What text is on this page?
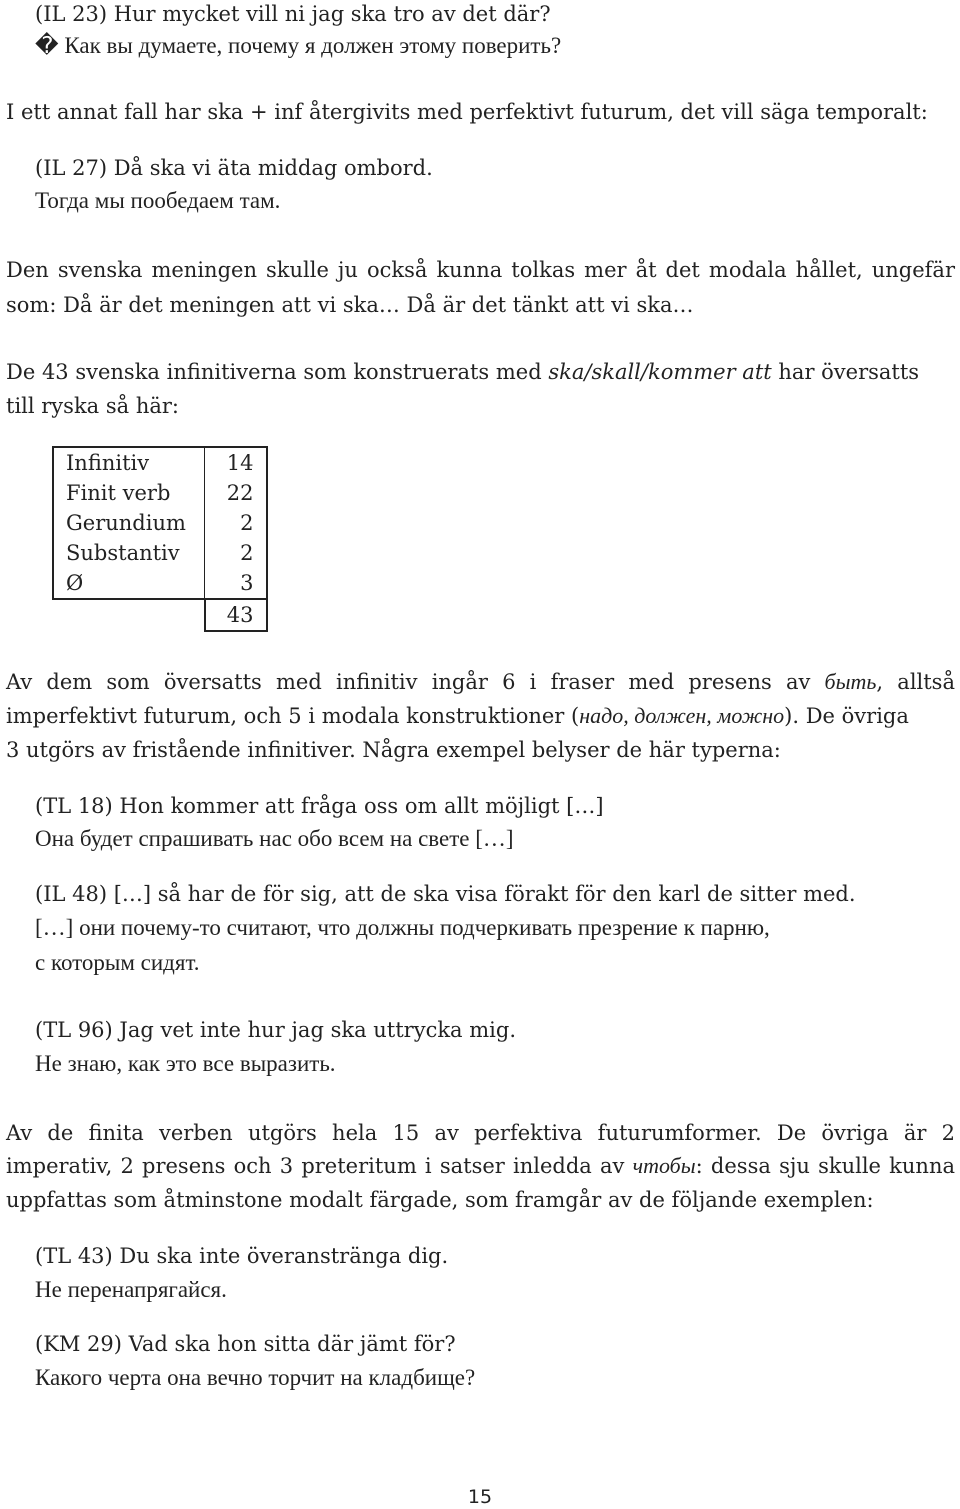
(IL 23) Hur mycket vill ni jag ska tro av det där?
� Как вы думаете, почему я должен этому поверить?
I ett annat fall har ska + inf återgivits med perfektivt futurum, det vill säga temporalt:
(IL 27) Då ska vi äta middag ombord.
Тогда мы пообедаем там.
Den svenska meningen skulle ju också kunna tolkas mer åt det modala hållet, ungefär
som: Då är det meningen att vi ska… Då är det tänkt att vi ska…
De 43 svenska infinitiverna som konstruerats med ska/skall/kommer att har översatts
till ryska så här:
Infinitiv	14
Finit verb	22
Gerundium	2
Substantiv	2
Ø	3
	43
Av dem som översatts med infinitiv ingår 6 i fraser med presens av быть, alltså
imperfektivt futurum, och 5 i modala konstruktioner (надо, должен, можно). De övriga
3 utgörs av fristående infinitiver. Några exempel belyser de här typerna:
(TL 18) Hon kommer att fråga oss om allt möjligt […]
Она будет спрашивать нас обо всем на свете […]
(IL 48) […] så har de för sig, att de ska visa förakt för den karl de sitter med.
[…] они почему-то считают, что должны подчеркивать презрение к парню,
с которым сидят.
(TL 96) Jag vet inte hur jag ska uttrycka mig.
Не знаю, как это все выразить.
Av de finita verben utgörs hela 15 av perfektiva futurumformer. De övriga är 2
imperativ, 2 presens och 3 preteritum i satser inledda av чтобы: dessa sju skulle kunna
uppfattas som åtminstone modalt färgade, som framgår av de följande exemplen:
(TL 43) Du ska inte överanstränga dig.
Не перенапрягайся.
(KM 29) Vad ska hon sitta där jämt för?
Какого черта она вечно торчит на кладбище?
15
